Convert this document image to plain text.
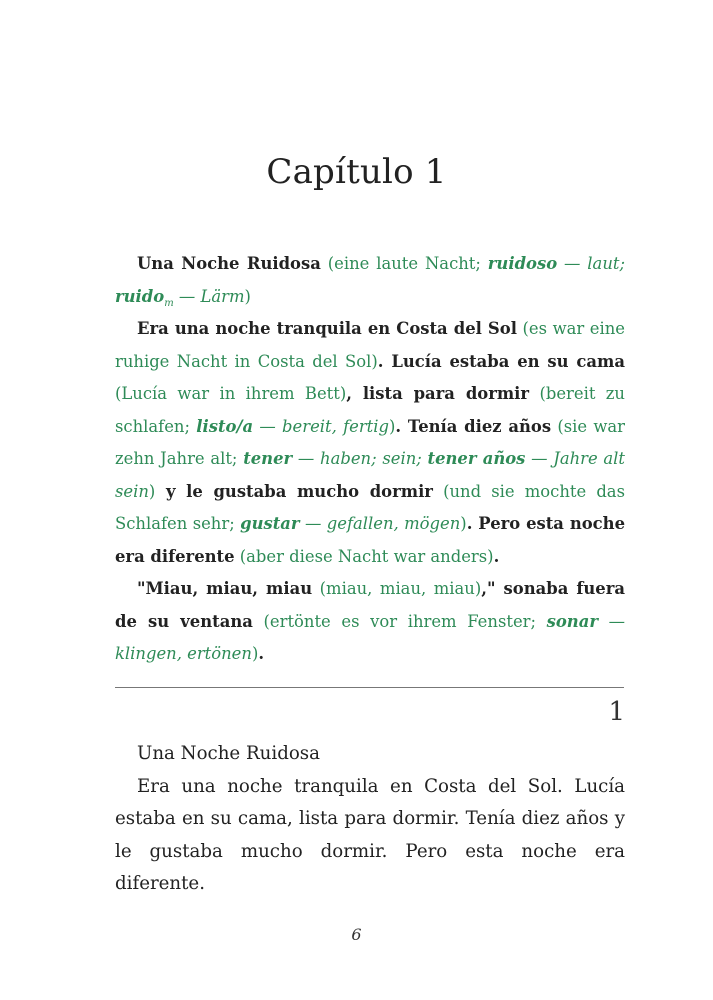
Capítulo 1

Una Noche Ruidosa (eine laute Nacht; ruidoso — laut; ruido$_m$ — Lärm)

Era una noche tranquila en Costa del Sol (es war eine ruhige Nacht in Costa del Sol). Lucía estaba en su cama (Lucía war in ihrem Bett), lista para dormir (bereit zu schlafen; listo/a — bereit, fertig). Tenía diez años (sie war zehn Jahre alt; tener — haben; sein; tener años — Jahre alt sein) y le gustaba mucho dormir (und sie mochte das Schlafen sehr; gustar — gefallen, mögen). Pero esta noche era diferente (aber diese Nacht war anders).

"Miau, miau, miau (miau, miau, miau)," sonaba fuera de su ventana (ertönte es vor ihrem Fenster; sonar — klingen, ertönen).

1

Una Noche Ruidosa

Era una noche tranquila en Costa del Sol. Lucía estaba en su cama, lista para dormir. Tenía diez años y le gustaba mucho dormir. Pero esta noche era diferente.

6
